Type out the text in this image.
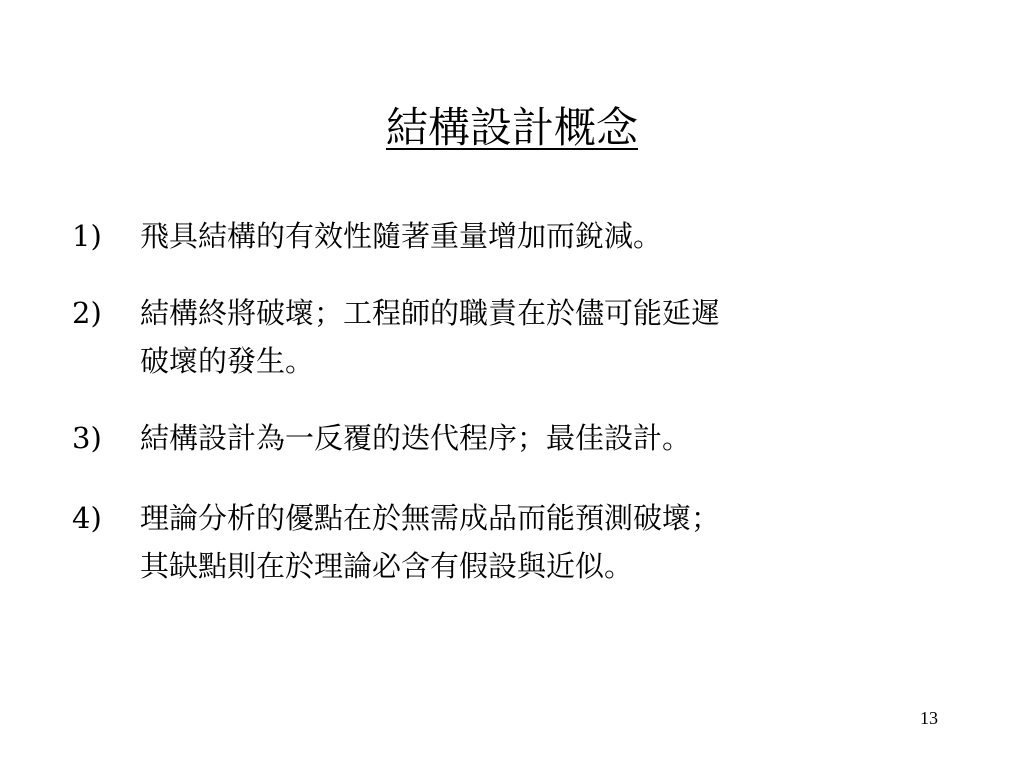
結構設計概念
1) 飛具結構的有效性隨著重量增加而銳減。
2) 結構終將破壞；工程師的職責在於儘可能延遲
破壞的發生。
3) 結構設計為一反覆的迭代程序；最佳設計。
4) 理論分析的優點在於無需成品而能預測破壞；
其缺點則在於理論必含有假設與近似。
13
